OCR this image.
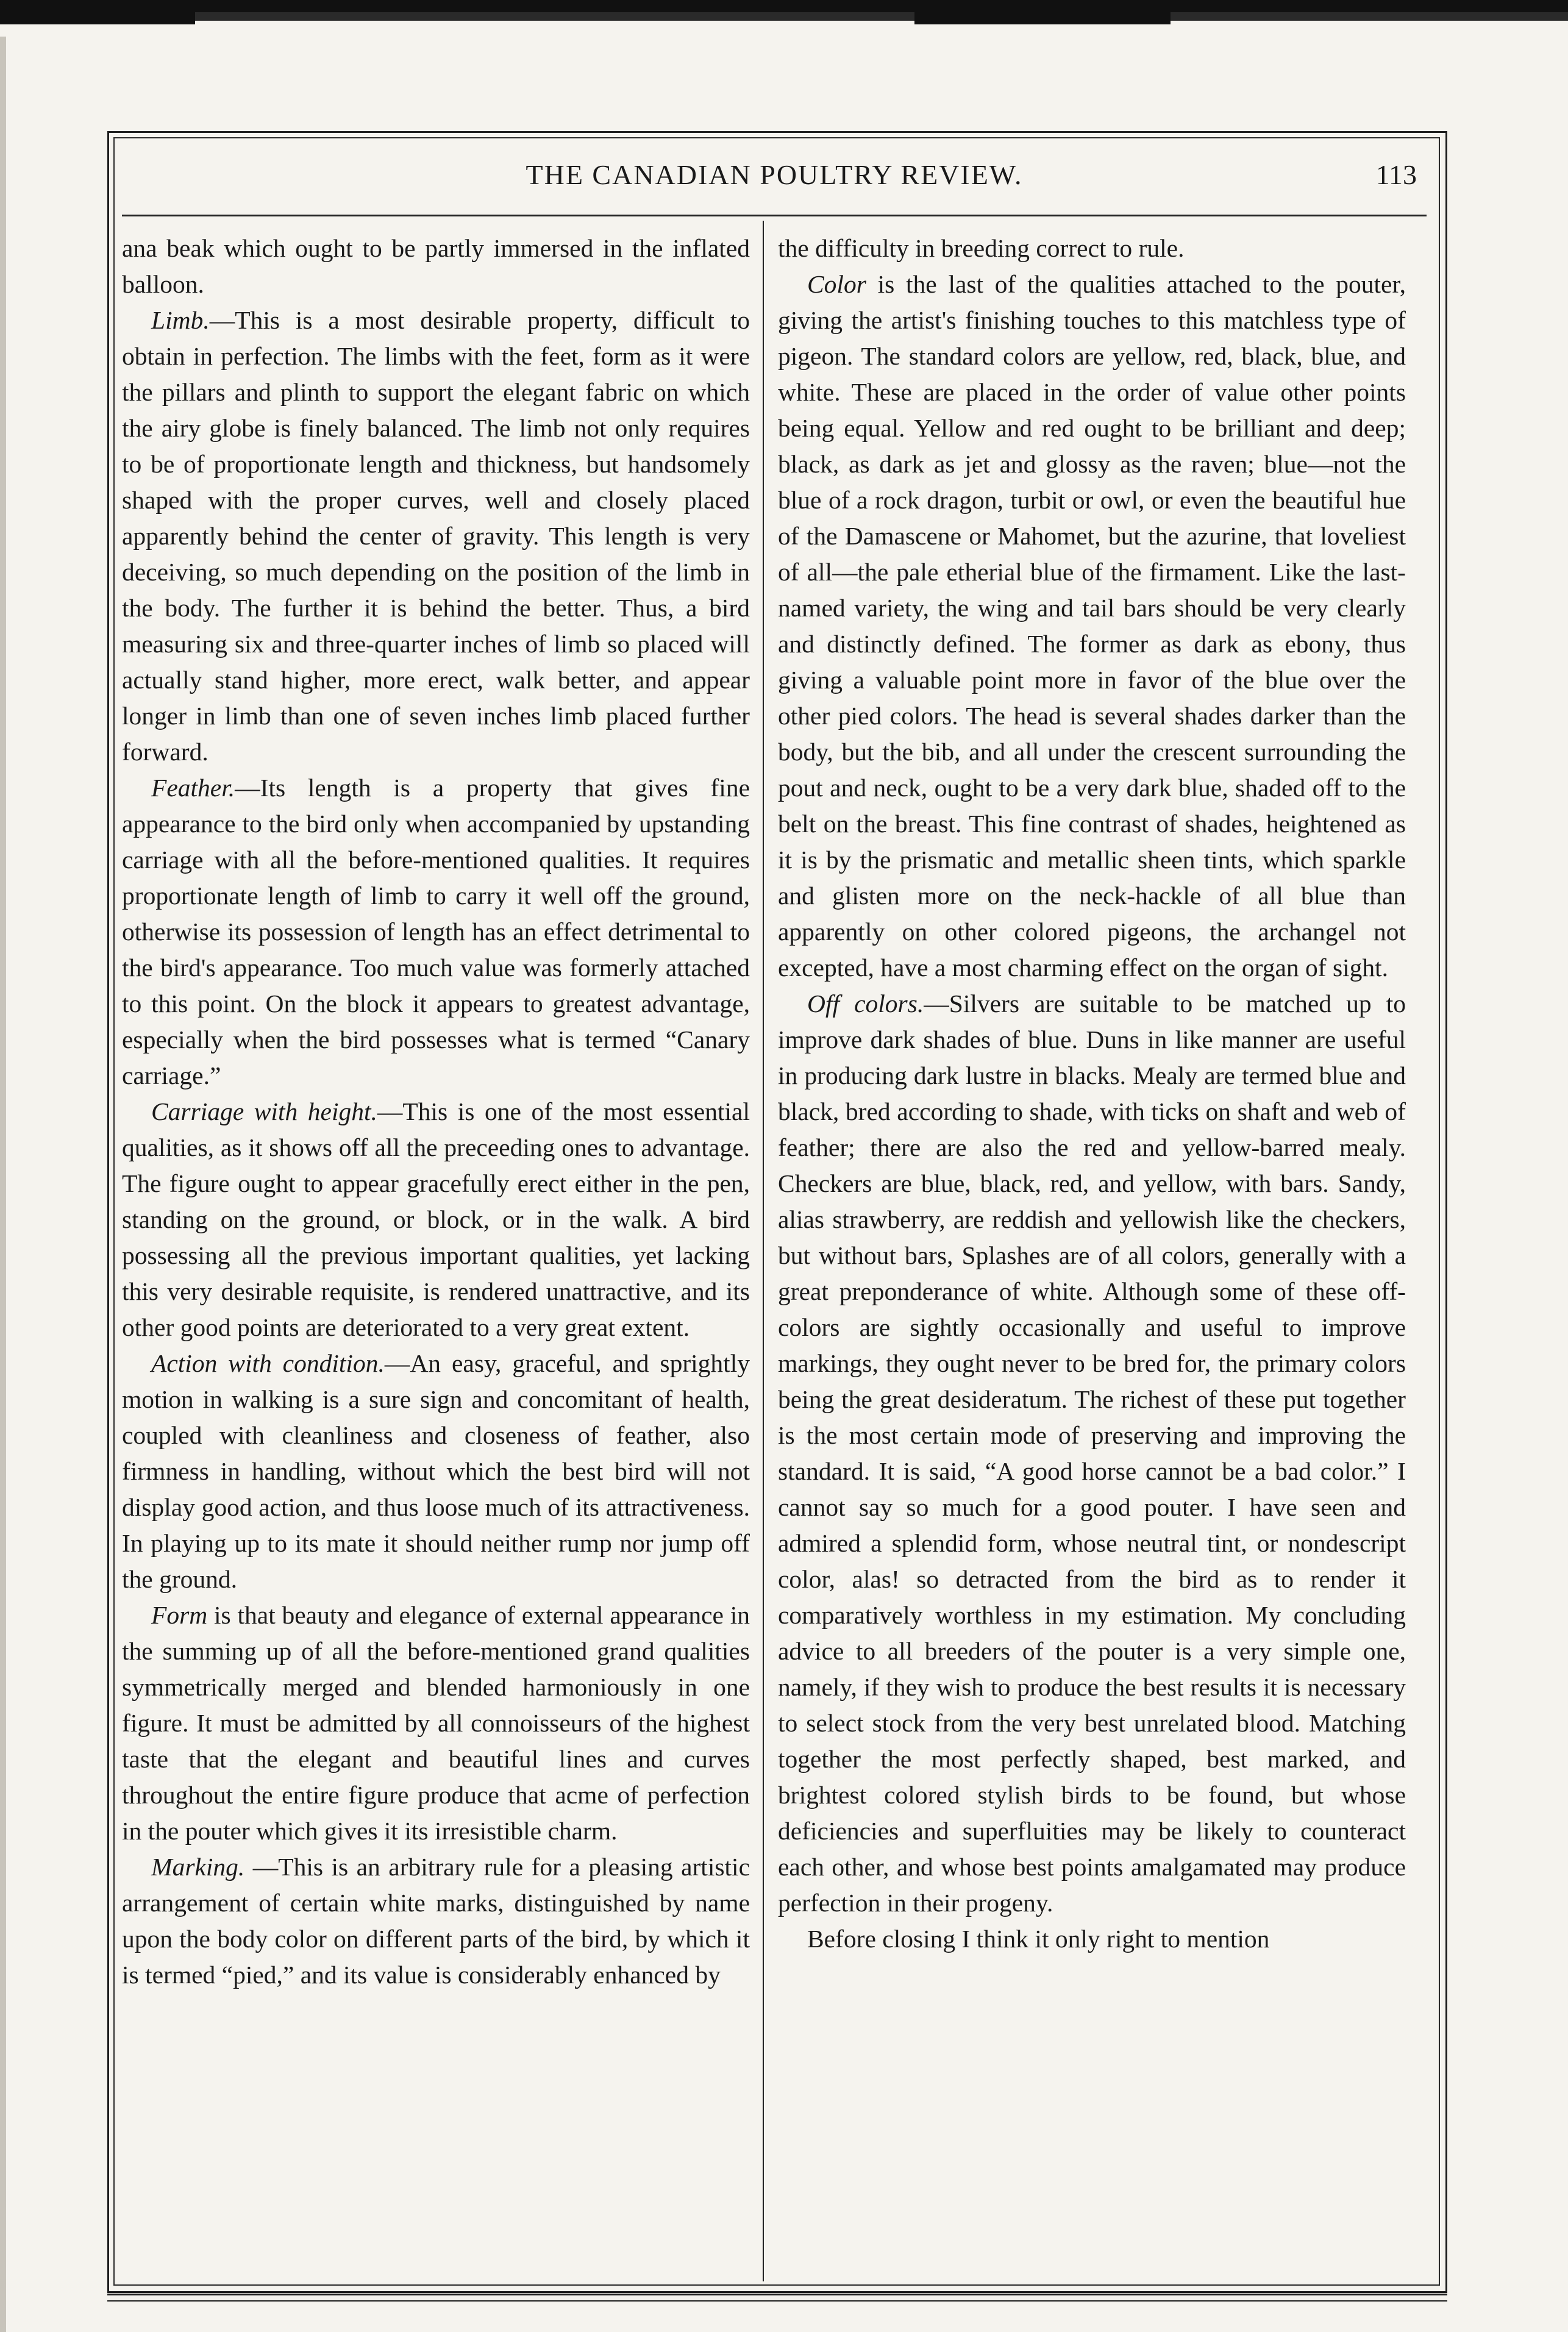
THE CANADIAN POULTRY REVIEW.	113

ana beak which ought to be partly immersed in the inflated balloon.

Limb.—This is a most desirable property, difficult to obtain in perfection. The limbs with the feet, form as it were the pillars and plinth to support the elegant fabric on which the airy globe is finely balanced. The limb not only requires to be of proportionate length and thickness, but handsomely shaped with the proper curves, well and closely placed apparently behind the center of gravity. This length is very deceiving, so much depending on the position of the limb in the body. The further it is behind the better. Thus, a bird measuring six and three-quarter inches of limb so placed will actually stand higher, more erect, walk better, and appear longer in limb than one of seven inches limb placed further forward.

Feather.—Its length is a property that gives fine appearance to the bird only when accompanied by upstanding carriage with all the before-mentioned qualities. It requires proportionate length of limb to carry it well off the ground, otherwise its possession of length has an effect detrimental to the bird's appearance. Too much value was formerly attached to this point. On the block it appears to greatest advantage, especially when the bird possesses what is termed “Canary carriage.”

Carriage with height.—This is one of the most essential qualities, as it shows off all the preceeding ones to advantage. The figure ought to appear gracefully erect either in the pen, standing on the ground, or block, or in the walk. A bird possessing all the previous important qualities, yet lacking this very desirable requisite, is rendered unattractive, and its other good points are deteriorated to a very great extent.

Action with condition.—An easy, graceful, and sprightly motion in walking is a sure sign and concomitant of health, coupled with cleanliness and closeness of feather, also firmness in handling, without which the best bird will not display good action, and thus loose much of its attractiveness. In playing up to its mate it should neither rump nor jump off the ground.

Form is that beauty and elegance of external appearance in the summing up of all the before-mentioned grand qualities symmetrically merged and blended harmoniously in one figure. It must be admitted by all connoisseurs of the highest taste that the elegant and beautiful lines and curves throughout the entire figure produce that acme of perfection in the pouter which gives it its irresistible charm.

Marking. —This is an arbitrary rule for a pleasing artistic arrangement of certain white marks, distinguished by name upon the body color on different parts of the bird, by which it is termed “pied,” and its value is considerably enhanced by

the difficulty in breeding correct to rule.

Color is the last of the qualities attached to the pouter, giving the artist's finishing touches to this matchless type of pigeon. The standard colors are yellow, red, black, blue, and white. These are placed in the order of value other points being equal. Yellow and red ought to be brilliant and deep; black, as dark as jet and glossy as the raven; blue—not the blue of a rock dragon, turbit or owl, or even the beautiful hue of the Damascene or Mahomet, but the azurine, that loveliest of all—the pale etherial blue of the firmament. Like the last-named variety, the wing and tail bars should be very clearly and distinctly defined. The former as dark as ebony, thus giving a valuable point more in favor of the blue over the other pied colors. The head is several shades darker than the body, but the bib, and all under the crescent surrounding the pout and neck, ought to be a very dark blue, shaded off to the belt on the breast. This fine contrast of shades, heightened as it is by the prismatic and metallic sheen tints, which sparkle and glisten more on the neck-hackle of all blue than apparently on other colored pigeons, the archangel not excepted, have a most charming effect on the organ of sight.

Off colors.—Silvers are suitable to be matched up to improve dark shades of blue. Duns in like manner are useful in producing dark lustre in blacks. Mealy are termed blue and black, bred according to shade, with ticks on shaft and web of feather; there are also the red and yellow-barred mealy. Checkers are blue, black, red, and yellow, with bars. Sandy, alias strawberry, are reddish and yellowish like the checkers, but without bars, Splashes are of all colors, generally with a great preponderance of white. Although some of these off-colors are sightly occasionally and useful to improve markings, they ought never to be bred for, the primary colors being the great desideratum. The richest of these put together is the most certain mode of preserving and improving the standard. It is said, “A good horse cannot be a bad color.” I cannot say so much for a good pouter. I have seen and admired a splendid form, whose neutral tint, or nondescript color, alas! so detracted from the bird as to render it comparatively worthless in my estimation. My concluding advice to all breeders of the pouter is a very simple one, namely, if they wish to produce the best results it is necessary to select stock from the very best unrelated blood. Matching together the most perfectly shaped, best marked, and brightest colored stylish birds to be found, but whose deficiencies and superfluities may be likely to counteract each other, and whose best points amalgamated may produce perfection in their progeny.

Before closing I think it only right to mention
